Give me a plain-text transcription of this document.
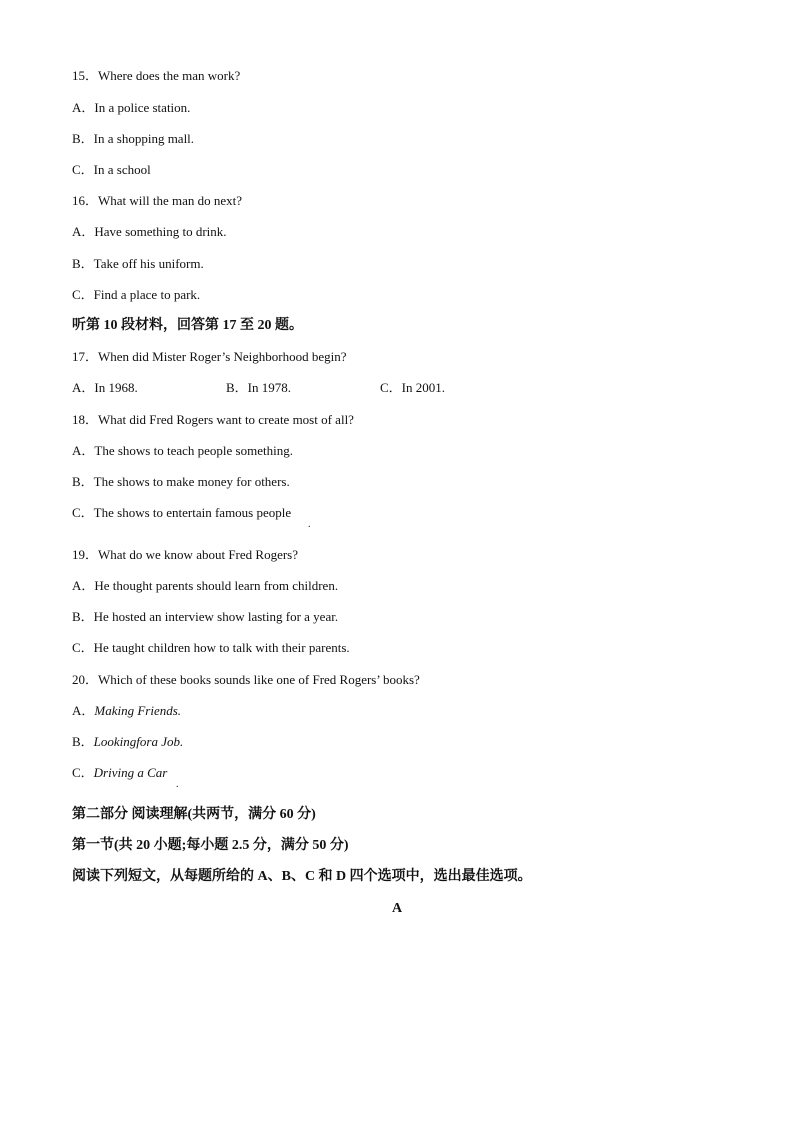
15．Where does the man work?
A．In a police station.
B．In a shopping mall.
C．In a school
16．What will the man do next?
A．Have something to drink.
B．Take off his uniform.
C．Find a place to park.
听第 10 段材料，回答第 17 至 20 题。
17．When did Mister Roger’s Neighborhood begin?
A．In 1968.	B．In 1978.	C．In 2001.
18．What did Fred Rogers want to create most of all?
A．The shows to teach people something.
B．The shows to make money for others.
C．The shows to entertain famous people
.
19．What do we know about Fred Rogers?
A．He thought parents should learn from children.
B．He hosted an interview show lasting for a year.
C．He taught children how to talk with their parents.
20．Which of these books sounds like one of Fred Rogers’ books?
A．Making Friends.
B．Lookingfora Job.
C．Driving a Car
.
第二部分 阅读理解(共两节，满分 60 分)
第一节(共 20 小题;每小题 2.5 分，满分 50 分)
阅读下列短文，从每题所给的 A、B、C 和 D 四个选项中，选出最佳选项。
A
